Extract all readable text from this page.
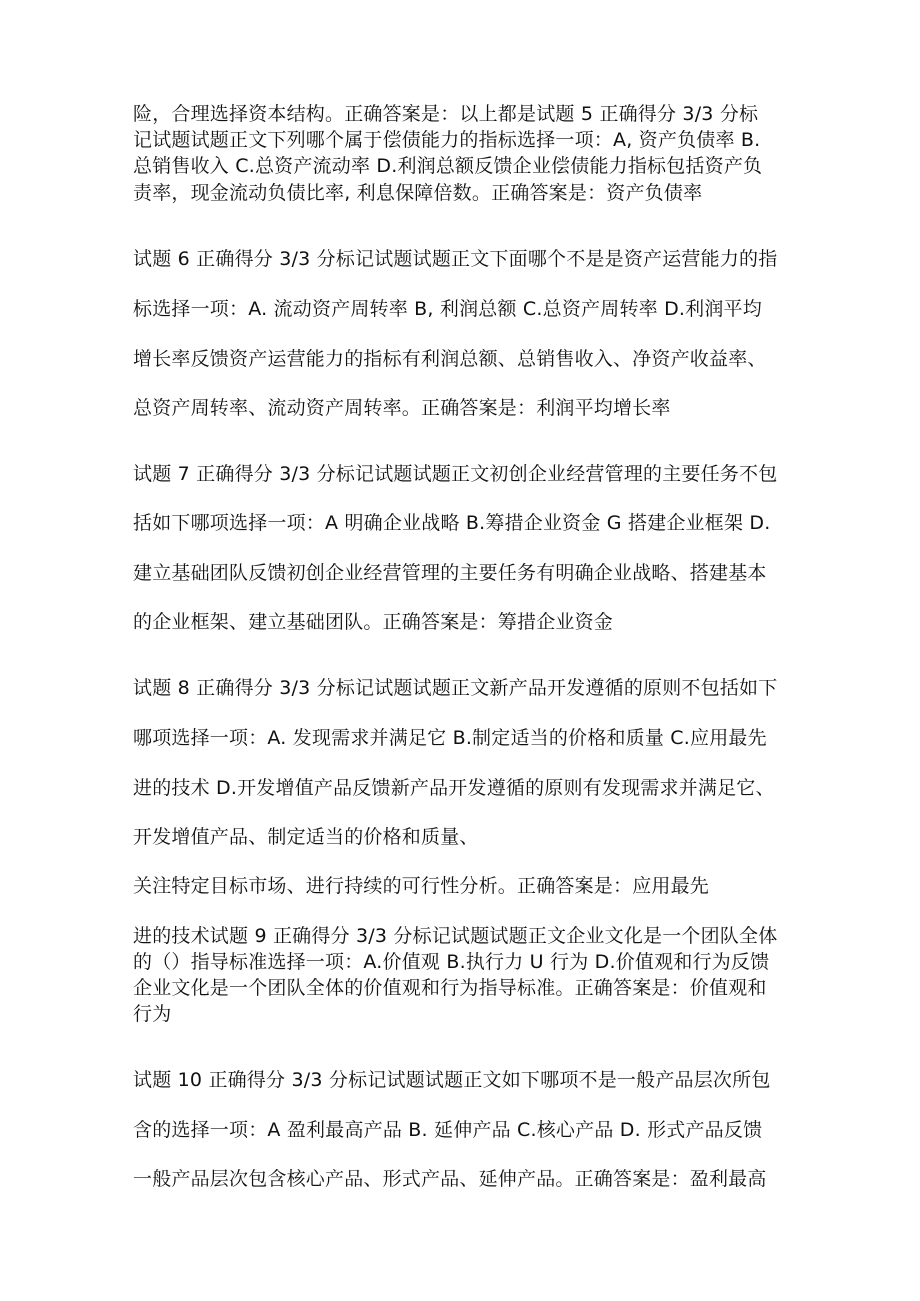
险，合理选择资本结构。正确答案是：以上都是试题 5 正确得分 3/3 分标

记试题试题正文下列哪个属于偿债能力的指标选择一项：A, 资产负债率 B.

总销售收入 C.总资产流动率 D.利润总额反馈企业偿债能力指标包括资产负

责率，现金流动负债比率, 利息保障倍数。正确答案是：资产负债率

试题 6 正确得分 3/3 分标记试题试题正文下面哪个不是是资产运营能力的指

标选择一项：A. 流动资产周转率 B, 利润总额 C.总资产周转率 D.利润平均

增长率反馈资产运营能力的指标有利润总额、总销售收入、净资产收益率、

总资产周转率、流动资产周转率。正确答案是：利润平均增长率

试题 7 正确得分 3/3 分标记试题试题正文初创企业经营管理的主要任务不包

括如下哪项选择一项：A 明确企业战略 B.筹措企业资金 G 搭建企业框架 D.

建立基础团队反馈初创企业经营管理的主要任务有明确企业战略、搭建基本

的企业框架、建立基础团队。正确答案是：筹措企业资金

试题 8 正确得分 3/3 分标记试题试题正文新产品开发遵循的原则不包括如下

哪项选择一项：A. 发现需求并满足它 B.制定适当的价格和质量 C.应用最先

进的技术 D.开发增值产品反馈新产品开发遵循的原则有发现需求并满足它、

开发增值产品、制定适当的价格和质量、

关注特定目标市场、进行持续的可行性分析。正确答案是：应用最先

进的技术试题 9 正确得分 3/3 分标记试题试题正文企业文化是一个团队全体

的（）指导标准选择一项：A.价值观 B.执行力 U 行为 D.价值观和行为反馈

企业文化是一个团队全体的价值观和行为指导标准。正确答案是：价值观和

行为

试题 10 正确得分 3/3 分标记试题试题正文如下哪项不是一般产品层次所包

含的选择一项：A 盈利最高产品 B. 延伸产品 C.核心产品 D. 形式产品反馈

一般产品层次包含核心产品、形式产品、延伸产品。正确答案是：盈利最高
